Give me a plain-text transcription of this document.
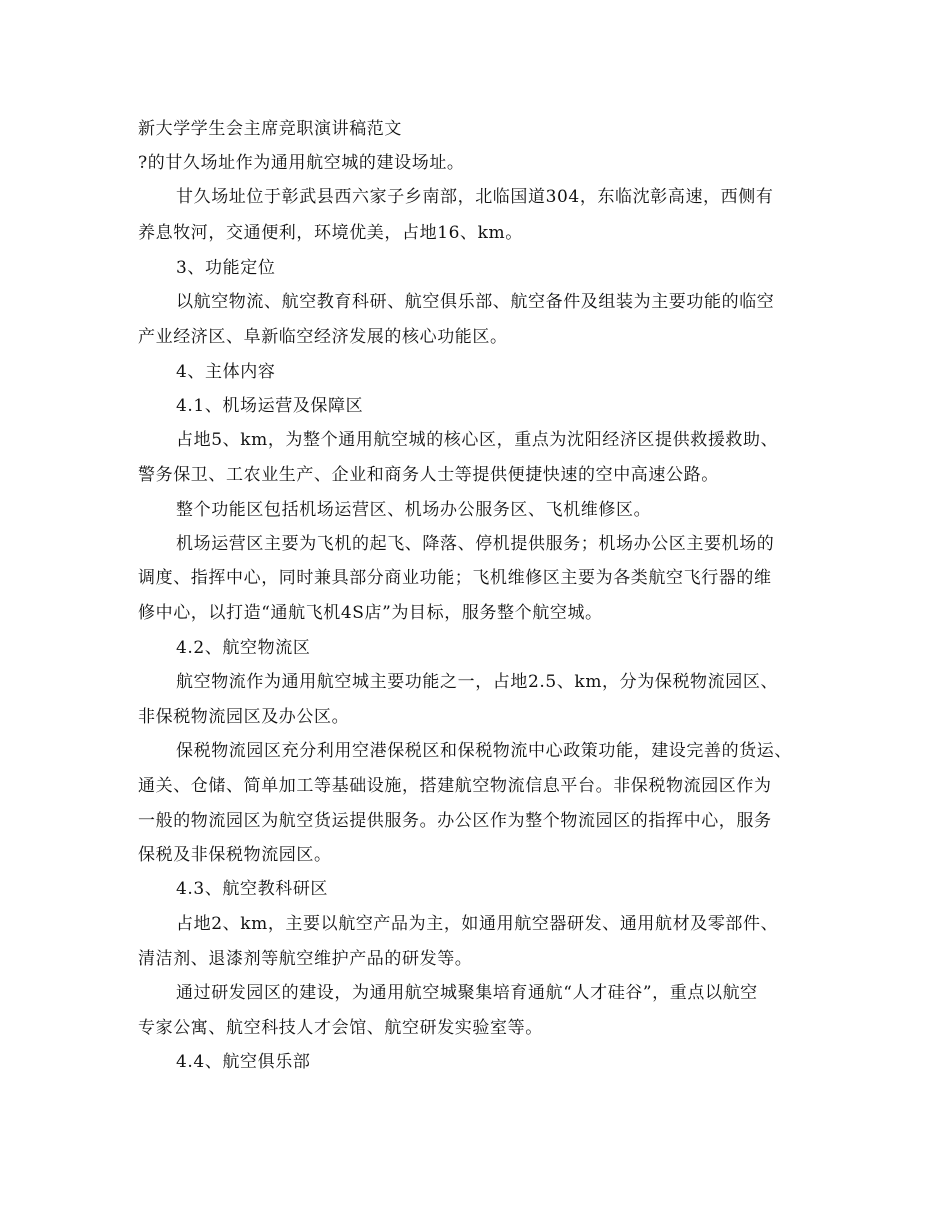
新大学学生会主席竞职演讲稿范文
?的甘久场址作为通用航空城的建设场址。
甘久场址位于彰武县西六家子乡南部，北临国道304，东临沈彰高速，西侧有
养息牧河，交通便利，环境优美，占地16、km。
3、功能定位
以航空物流、航空教育科研、航空俱乐部、航空备件及组装为主要功能的临空
产业经济区、阜新临空经济发展的核心功能区。
4、主体内容
4.1、机场运营及保障区
占地5、km，为整个通用航空城的核心区，重点为沈阳经济区提供救援救助、
警务保卫、工农业生产、企业和商务人士等提供便捷快速的空中高速公路。
整个功能区包括机场运营区、机场办公服务区、飞机维修区。
机场运营区主要为飞机的起飞、降落、停机提供服务；机场办公区主要机场的
调度、指挥中心，同时兼具部分商业功能；飞机维修区主要为各类航空飞行器的维
修中心，以打造“通航飞机4S店”为目标，服务整个航空城。
4.2、航空物流区
航空物流作为通用航空城主要功能之一，占地2.5、km，分为保税物流园区、
非保税物流园区及办公区。
保税物流园区充分利用空港保税区和保税物流中心政策功能，建设完善的货运、
通关、仓储、简单加工等基础设施，搭建航空物流信息平台。非保税物流园区作为
一般的物流园区为航空货运提供服务。办公区作为整个物流园区的指挥中心，服务
保税及非保税物流园区。
4.3、航空教科研区
占地2、km，主要以航空产品为主，如通用航空器研发、通用航材及零部件、
清洁剂、退漆剂等航空维护产品的研发等。
通过研发园区的建设，为通用航空城聚集培育通航“人才硅谷”，重点以航空
专家公寓、航空科技人才会馆、航空研发实验室等。
4.4、航空俱乐部
